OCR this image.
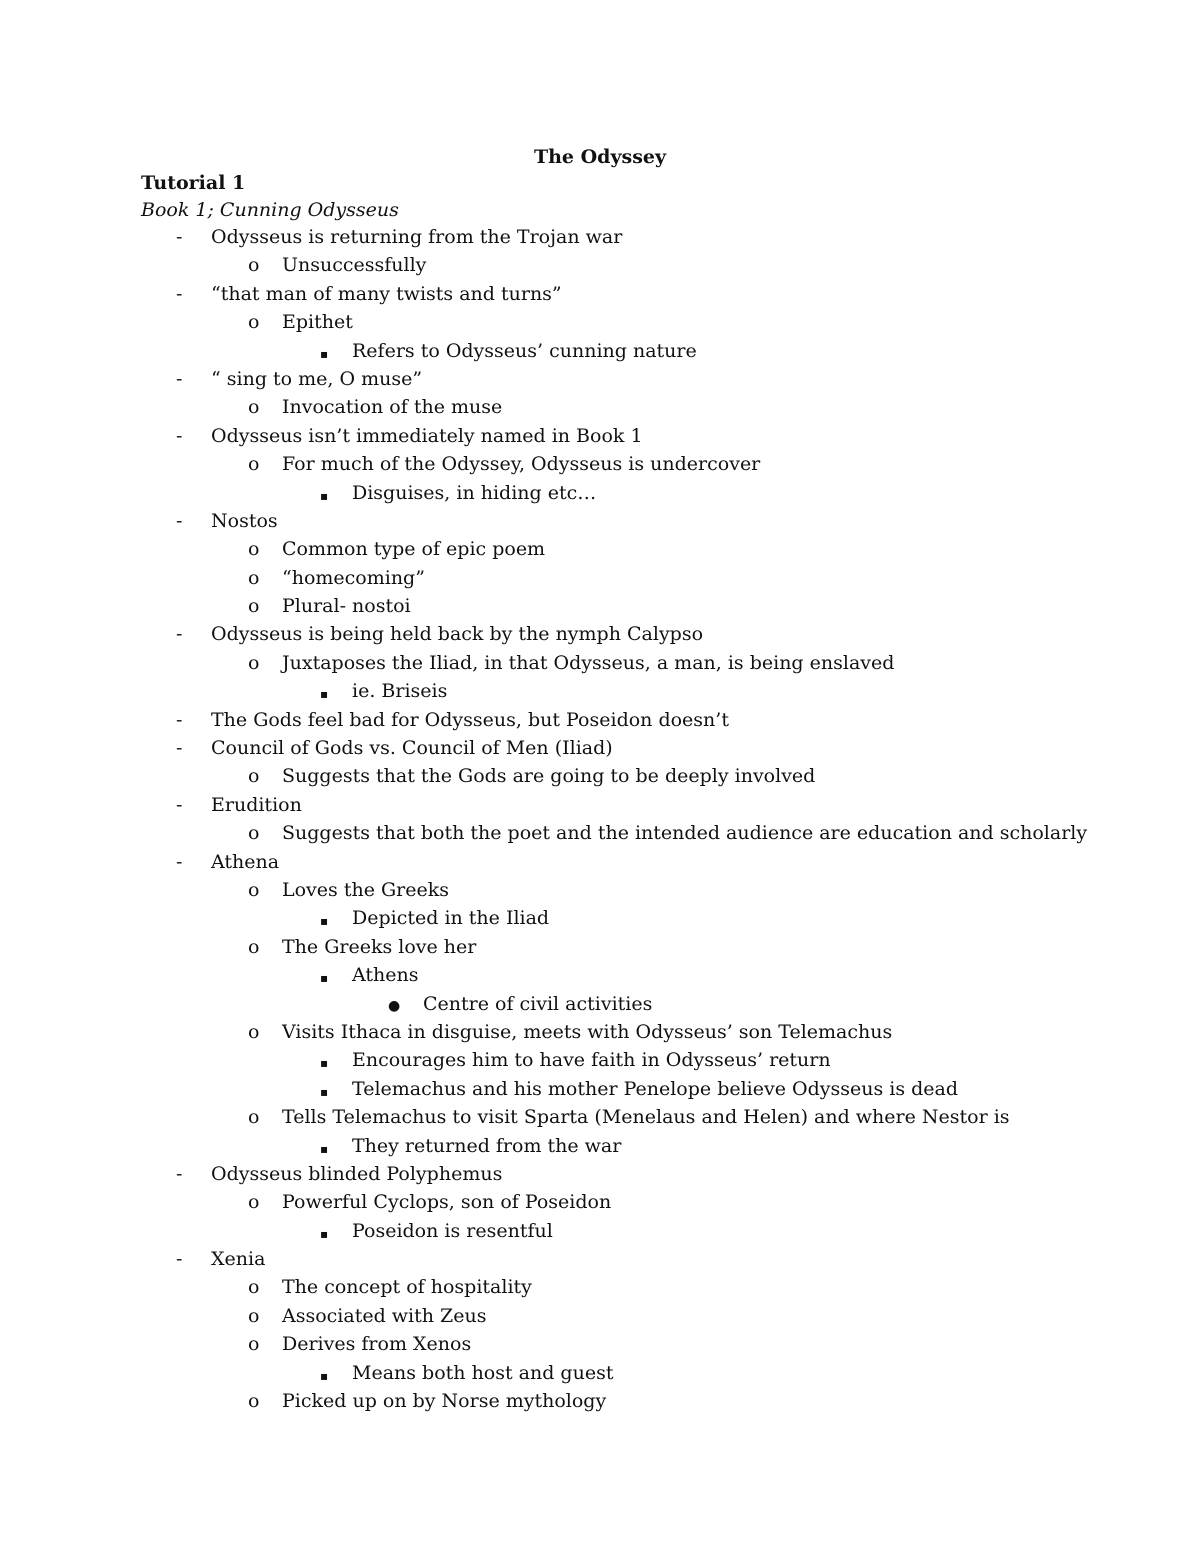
The Odyssey
Tutorial 1
Book 1; Cunning Odysseus
- Odysseus is returning from the Trojan war
o Unsuccessfully
- “that man of many twists and turns”
o Epithet
▪ Refers to Odysseus’ cunning nature
- “ sing to me, O muse”
o Invocation of the muse
- Odysseus isn’t immediately named in Book 1
o For much of the Odyssey, Odysseus is undercover
▪ Disguises, in hiding etc…
- Nostos
o Common type of epic poem
o “homecoming”
o Plural- nostoi
- Odysseus is being held back by the nymph Calypso
o Juxtaposes the Iliad, in that Odysseus, a man, is being enslaved
▪ ie. Briseis
- The Gods feel bad for Odysseus, but Poseidon doesn’t
- Council of Gods vs. Council of Men (Iliad)
o Suggests that the Gods are going to be deeply involved
- Erudition
o Suggests that both the poet and the intended audience are education and scholarly
- Athena
o Loves the Greeks
▪ Depicted in the Iliad
o The Greeks love her
▪ Athens
● Centre of civil activities
o Visits Ithaca in disguise, meets with Odysseus’ son Telemachus
▪ Encourages him to have faith in Odysseus’ return
▪ Telemachus and his mother Penelope believe Odysseus is dead
o Tells Telemachus to visit Sparta (Menelaus and Helen) and where Nestor is
▪ They returned from the war
- Odysseus blinded Polyphemus
o Powerful Cyclops, son of Poseidon
▪ Poseidon is resentful
- Xenia
o The concept of hospitality
o Associated with Zeus
o Derives from Xenos
▪ Means both host and guest
o Picked up on by Norse mythology
